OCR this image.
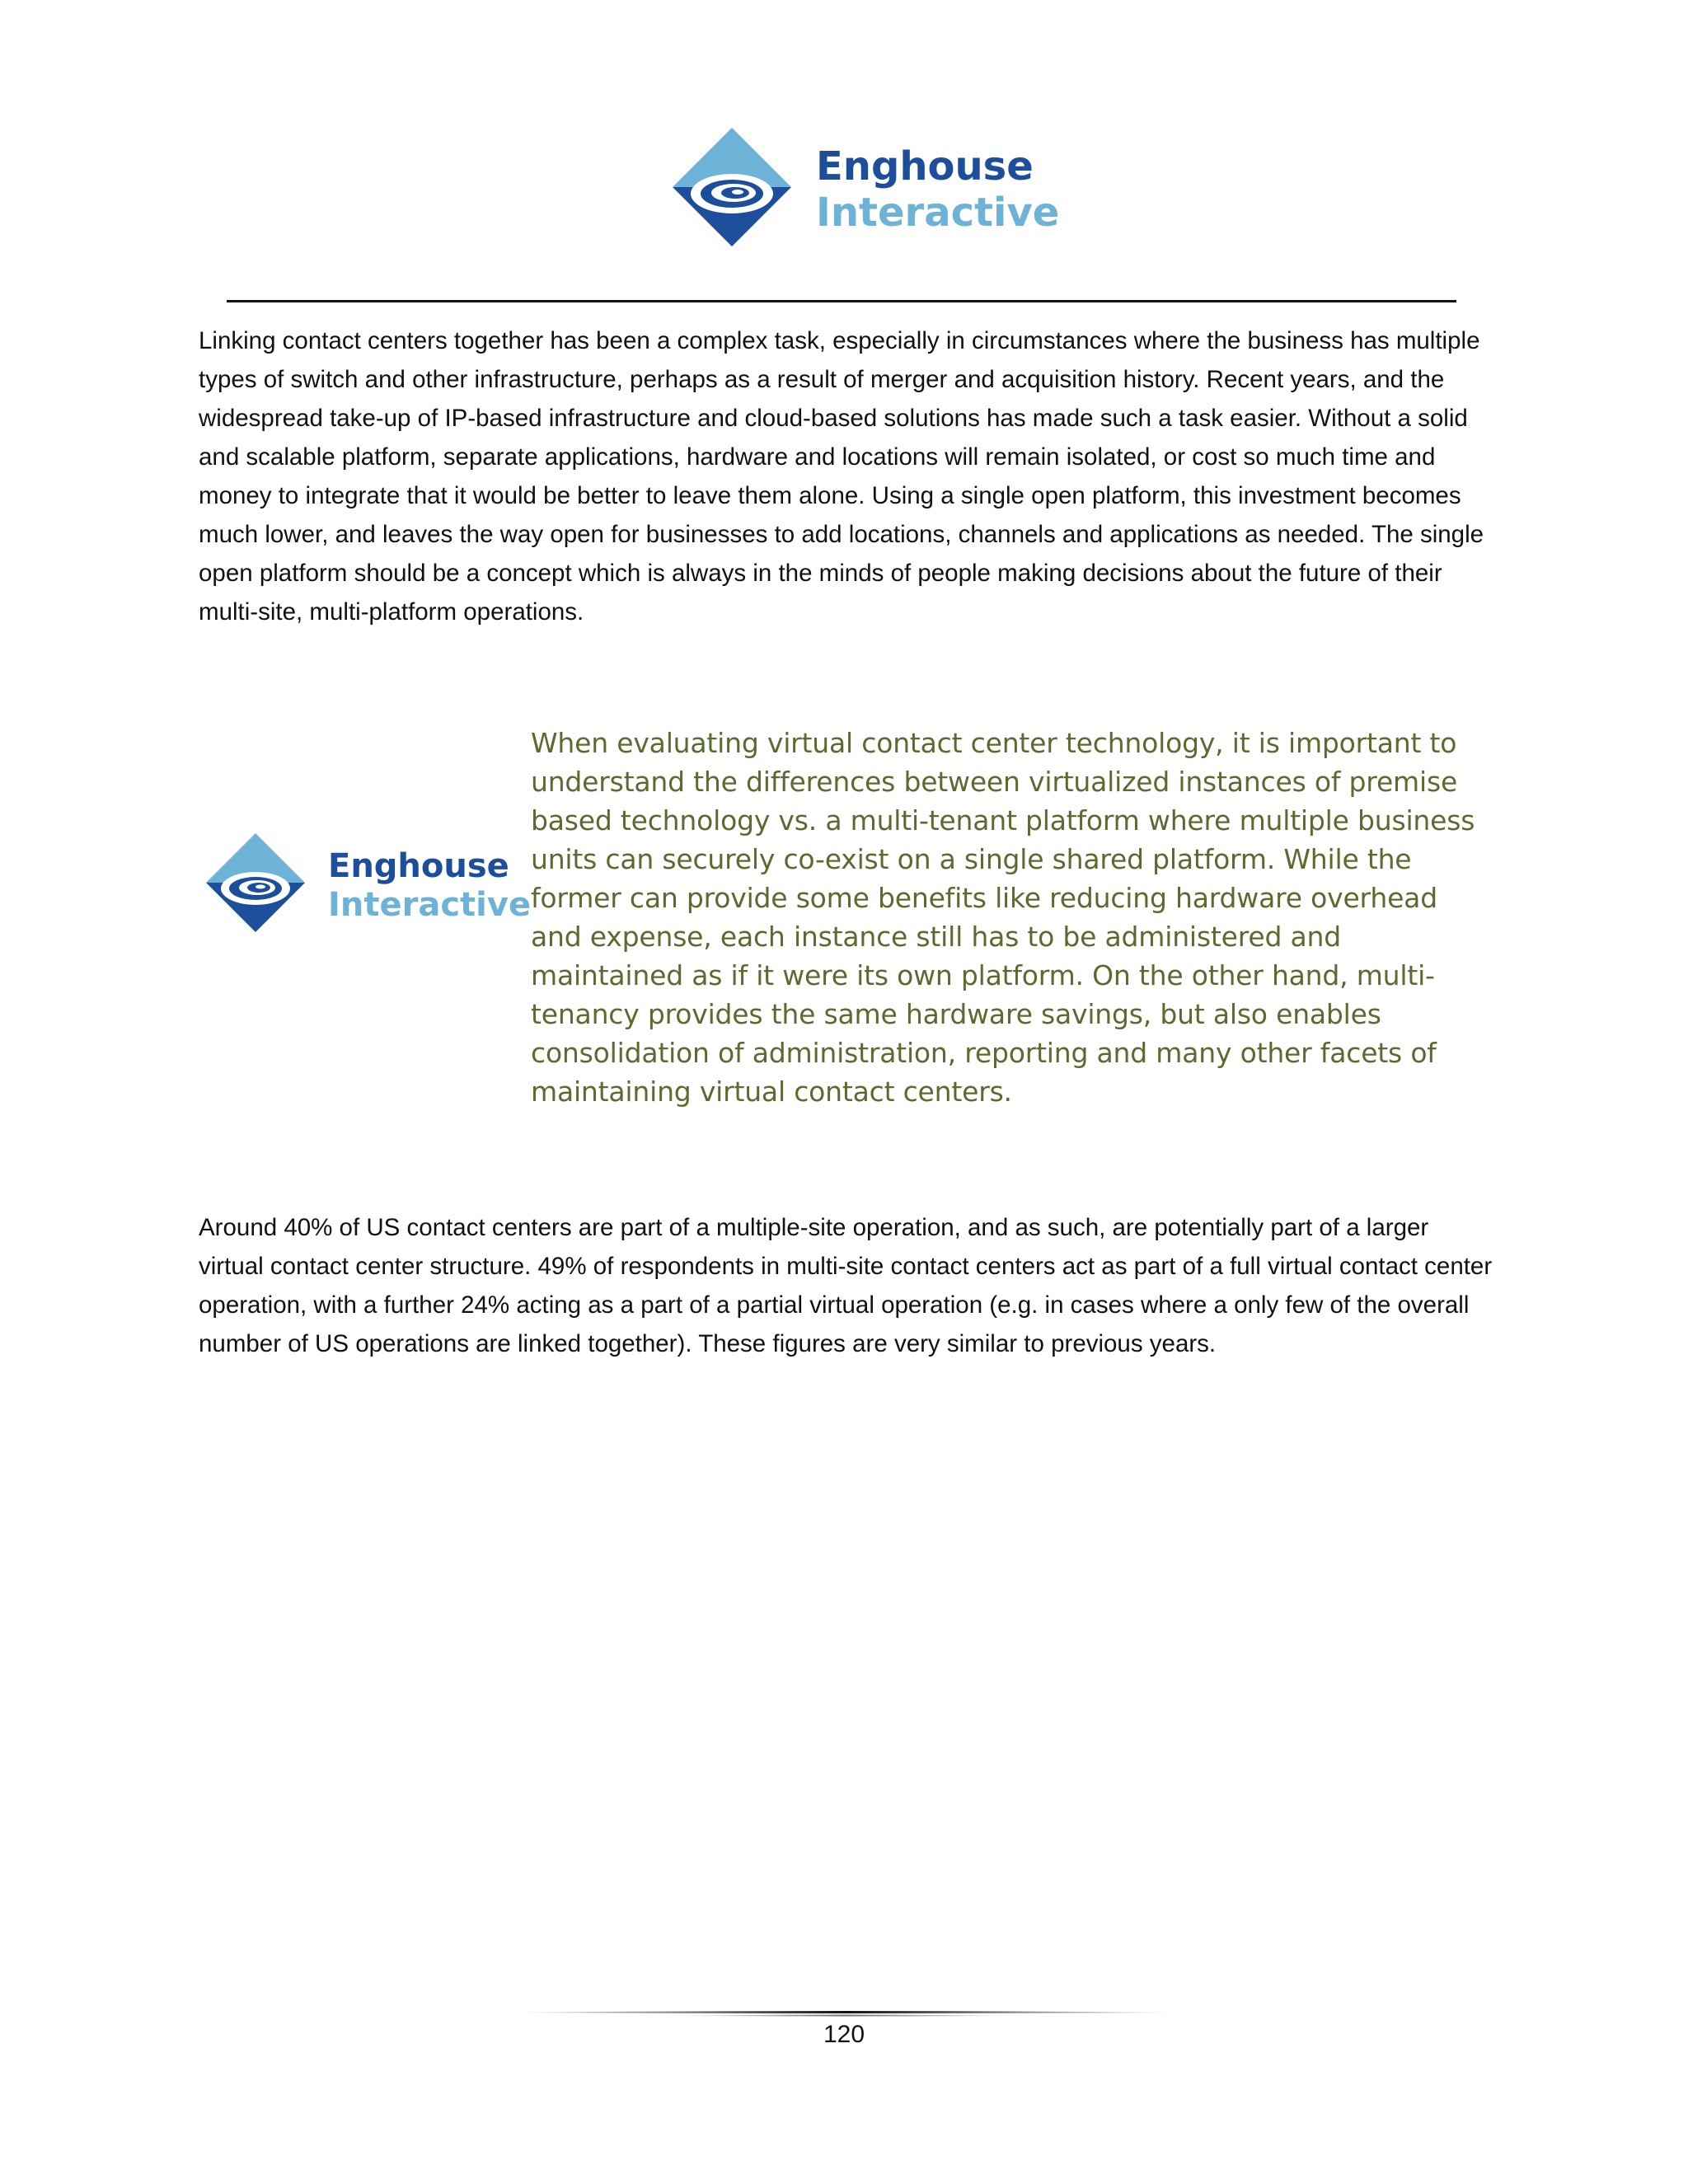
Enghouse
Interactive

Linking contact centers together has been a complex task, especially in circumstances where the business has multiple types of switch and other infrastructure, perhaps as a result of merger and acquisition history. Recent years, and the widespread take-up of IP-based infrastructure and cloud-based solutions has made such a task easier. Without a solid and scalable platform, separate applications, hardware and locations will remain isolated, or cost so much time and money to integrate that it would be better to leave them alone. Using a single open platform, this investment becomes much lower, and leaves the way open for businesses to add locations, channels and applications as needed. The single open platform should be a concept which is always in the minds of people making decisions about the future of their multi-site, multi-platform operations.

Enghouse
Interactive

When evaluating virtual contact center technology, it is important to understand the differences between virtualized instances of premise based technology vs. a multi-tenant platform where multiple business units can securely co-exist on a single shared platform. While the former can provide some benefits like reducing hardware overhead and expense, each instance still has to be administered and maintained as if it were its own platform. On the other hand, multi-tenancy provides the same hardware savings, but also enables consolidation of administration, reporting and many other facets of maintaining virtual contact centers.

Around 40% of US contact centers are part of a multiple-site operation, and as such, are potentially part of a larger virtual contact center structure. 49% of respondents in multi-site contact centers act as part of a full virtual contact center operation, with a further 24% acting as a part of a partial virtual operation (e.g. in cases where a only few of the overall number of US operations are linked together). These figures are very similar to previous years.

120
